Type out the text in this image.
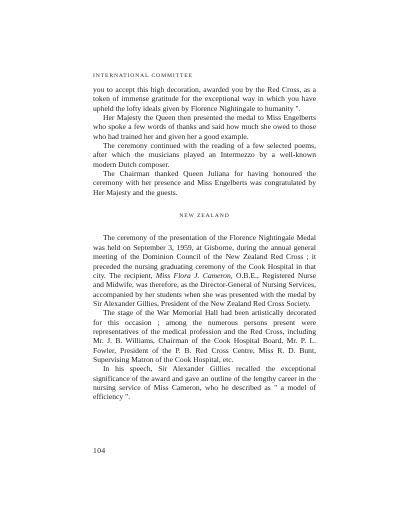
INTERNATIONAL COMMITTEE

you to accept this high decoration, awarded you by the Red Cross, as a token of immense gratitude for the exceptional way in which you have upheld the lofty ideals given by Florence Nightingale to humanity ".

Her Majesty the Queen then presented the medal to Miss Engelberts who spoke a few words of thanks and said how much she owed to those who had trained her and given her a good example.

The ceremony continued with the reading of a few selected poems, after which the musicians played an Intermezzo by a well-known modern Dutch composer.

The Chairman thanked Queen Juliana for having honoured the ceremony with her presence and Miss Engelberts was congratulated by Her Majesty and the guests.

NEW ZEALAND

The ceremony of the presentation of the Florence Nightingale Medal was held on September 3, 1959, at Gisborne, during the annual general meeting of the Dominion Council of the New Zealand Red Cross ; it preceded the nursing graduating ceremony of the Cook Hospital in that city. The recipient, Miss Flora J. Cameron, O.B.E., Registered Nurse and Midwife, was therefore, as the Director-General of Nursing Services, accompanied by her students when she was presented with the medal by Sir Alexander Gillies, President of the New Zealand Red Cross Society.

The stage of the War Memorial Hall had been artistically decorated for this occasion ; among the numerous persons present were representatives of the medical profession and the Red Cross, including Mr. J. B. Williams, Chairman of the Cook Hospital Board, Mr. P. L. Fowler, President of the P. B. Red Cross Centre, Miss R. D. Bunt, Supervising Matron of the Cook Hospital, etc.

In his speech, Sir Alexander Gillies recalled the exceptional significance of the award and gave an outline of the lengthy career in the nursing service of Miss Cameron, who he described as " a model of efficiency ".

104
